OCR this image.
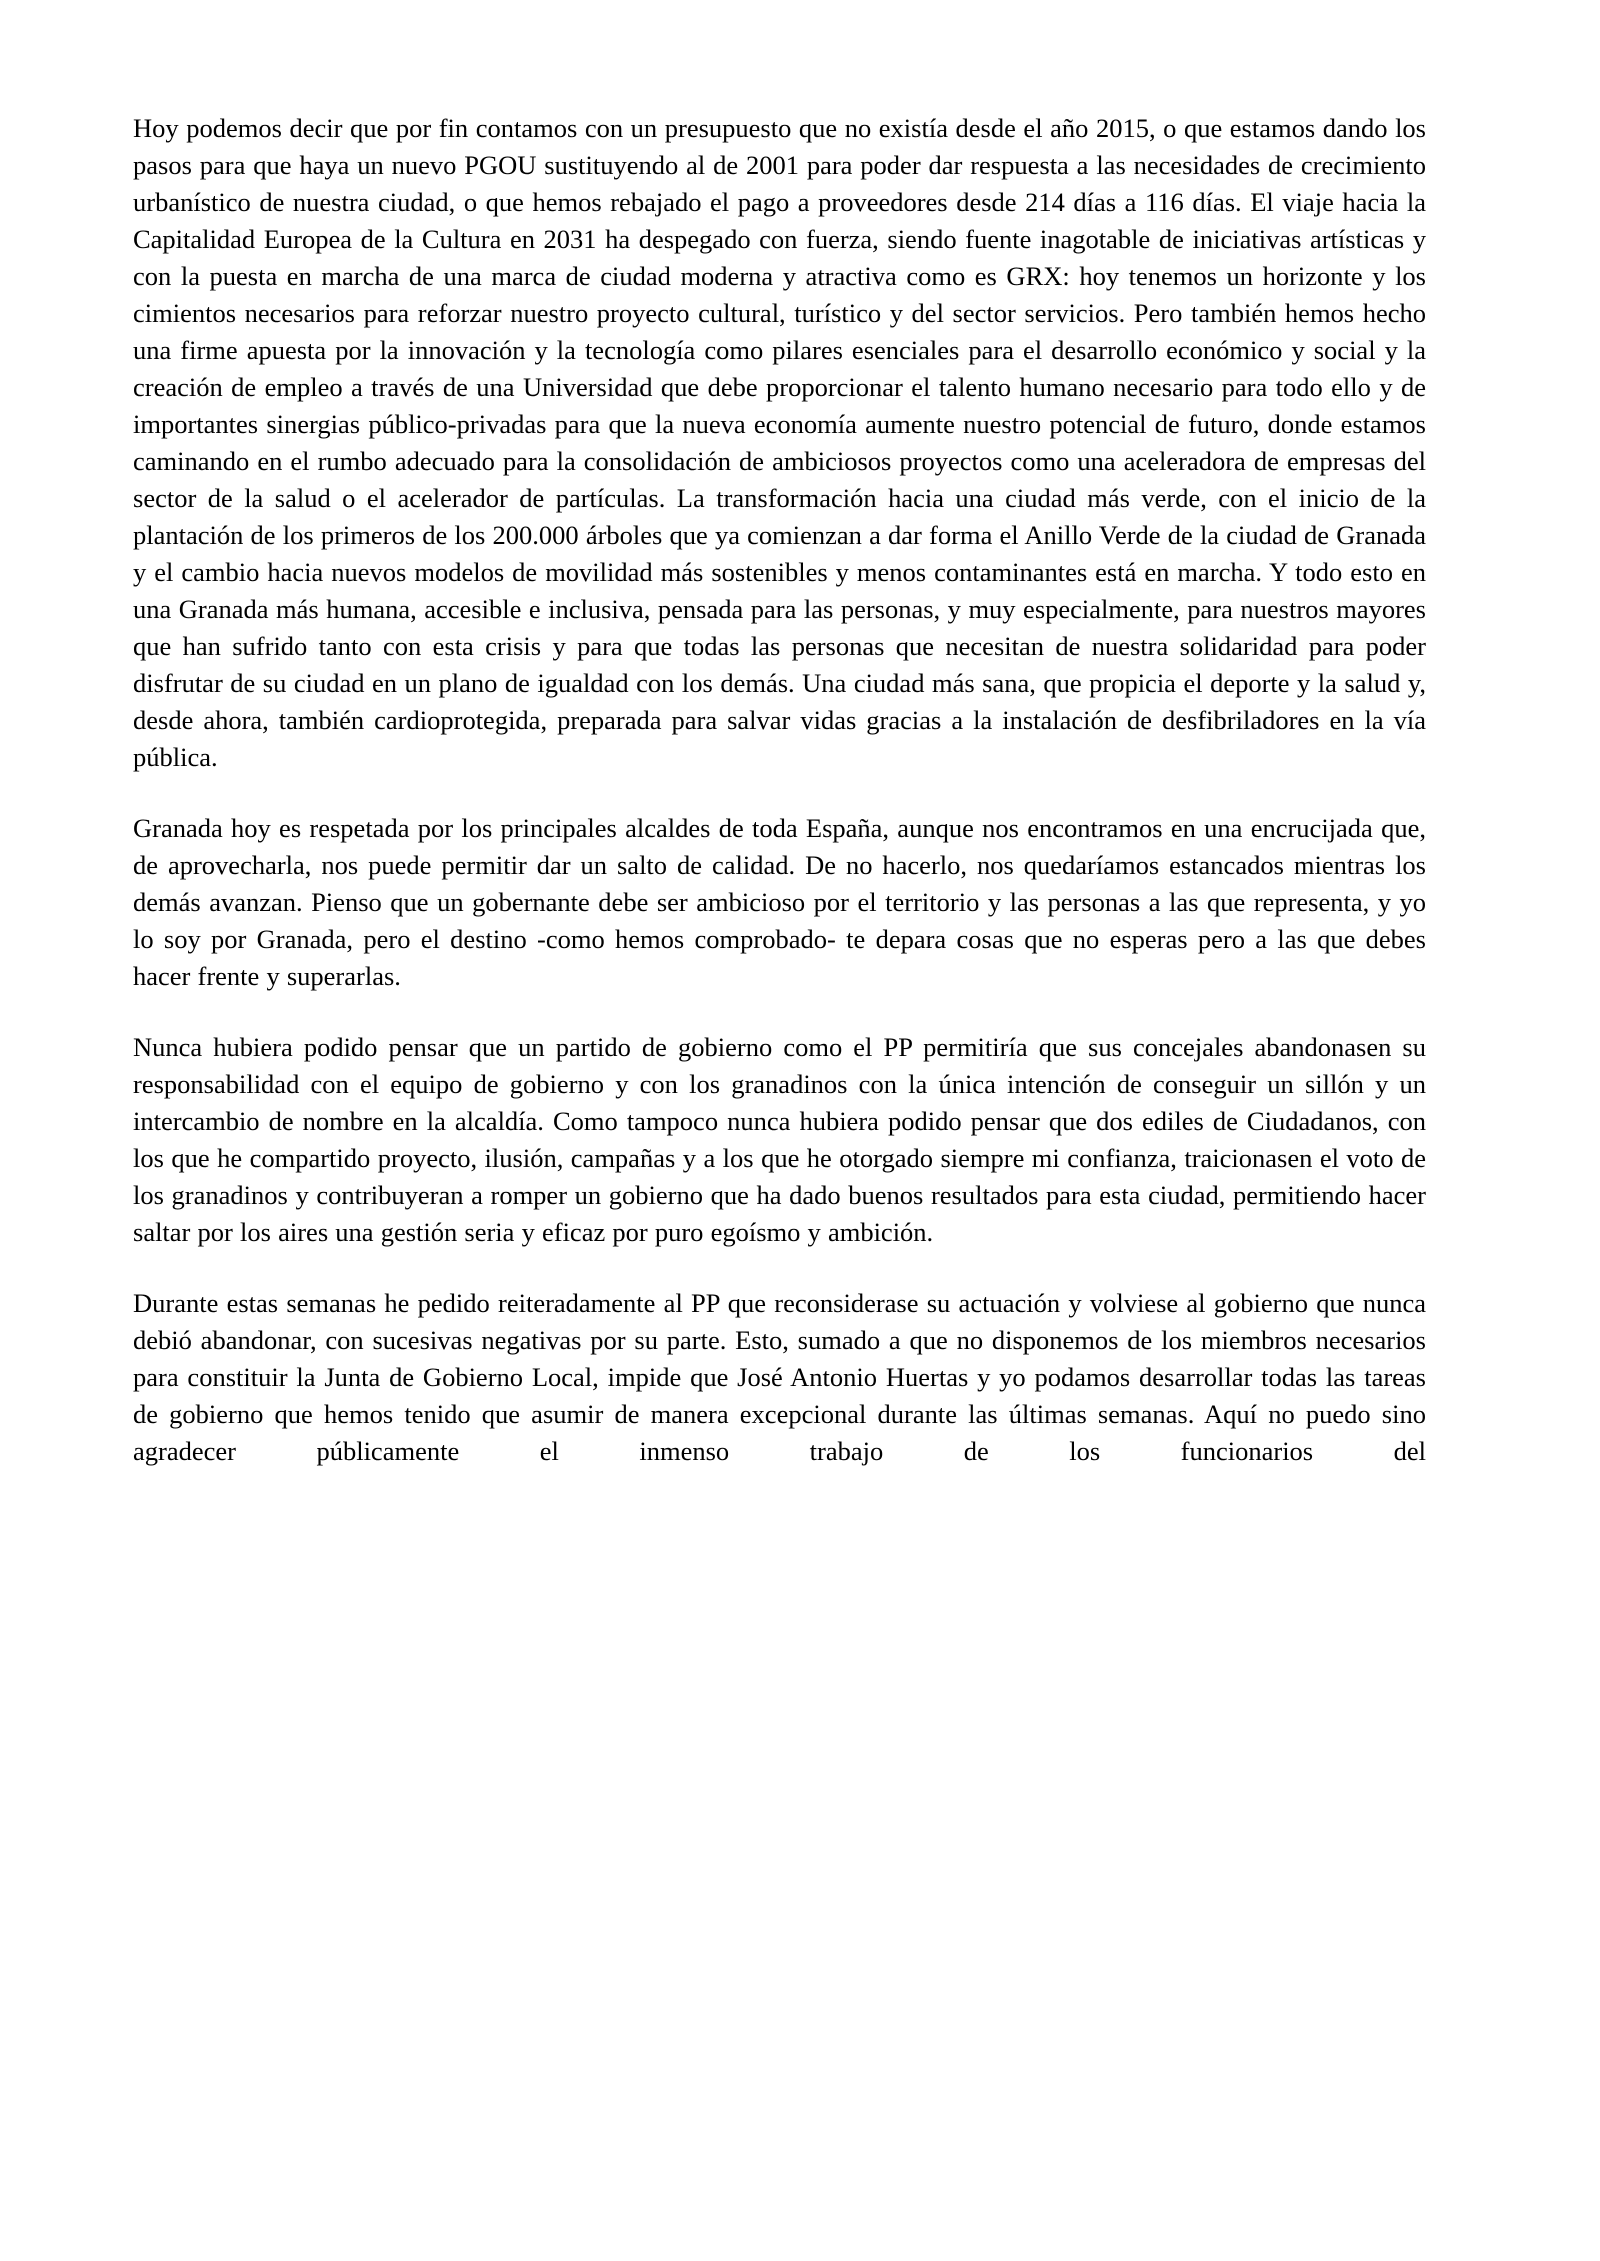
Hoy podemos decir que por fin contamos con un presupuesto que no existía desde el año 2015, o que estamos dando los pasos para que haya un nuevo PGOU sustituyendo al de 2001 para poder dar respuesta a las necesidades de crecimiento urbanístico de nuestra ciudad, o que hemos rebajado el pago a proveedores desde 214 días a 116 días. El viaje hacia la Capitalidad Europea de la Cultura en 2031 ha despegado con fuerza, siendo fuente inagotable de iniciativas artísticas y con la puesta en marcha de una marca de ciudad moderna y atractiva como es GRX: hoy tenemos un horizonte y los cimientos necesarios para reforzar nuestro proyecto cultural, turístico y del sector servicios. Pero también hemos hecho una firme apuesta por la innovación y la tecnología como pilares esenciales para el desarrollo económico y social y la creación de empleo a través de una Universidad que debe proporcionar el talento humano necesario para todo ello y de importantes sinergias público-privadas para que la nueva economía aumente nuestro potencial de futuro, donde estamos caminando en el rumbo adecuado para la consolidación de ambiciosos proyectos como una aceleradora de empresas del sector de la salud o el acelerador de partículas. La transformación hacia una ciudad más verde, con el inicio de la plantación de los primeros de los 200.000 árboles que ya comienzan a dar forma el Anillo Verde de la ciudad de Granada y el cambio hacia nuevos modelos de movilidad más sostenibles y menos contaminantes está en marcha. Y todo esto en una Granada más humana, accesible e inclusiva, pensada para las personas, y muy especialmente, para nuestros mayores que han sufrido tanto con esta crisis y para que todas las personas que necesitan de nuestra solidaridad para poder disfrutar de su ciudad en un plano de igualdad con los demás. Una ciudad más sana, que propicia el deporte y la salud y, desde ahora, también cardioprotegida, preparada para salvar vidas gracias a la instalación de desfibriladores en la vía pública.

Granada hoy es respetada por los principales alcaldes de toda España, aunque nos encontramos en una encrucijada que, de aprovecharla, nos puede permitir dar un salto de calidad. De no hacerlo, nos quedaríamos estancados mientras los demás avanzan. Pienso que un gobernante debe ser ambicioso por el territorio y las personas a las que representa, y yo lo soy por Granada, pero el destino -como hemos comprobado- te depara cosas que no esperas pero a las que debes hacer frente y superarlas.

Nunca hubiera podido pensar que un partido de gobierno como el PP permitiría que sus concejales abandonasen su responsabilidad con el equipo de gobierno y con los granadinos con la única intención de conseguir un sillón y un intercambio de nombre en la alcaldía. Como tampoco nunca hubiera podido pensar que dos ediles de Ciudadanos, con los que he compartido proyecto, ilusión, campañas y a los que he otorgado siempre mi confianza, traicionasen el voto de los granadinos y contribuyeran a romper un gobierno que ha dado buenos resultados para esta ciudad, permitiendo hacer saltar por los aires una gestión seria y eficaz por puro egoísmo y ambición.

Durante estas semanas he pedido reiteradamente al PP que reconsiderase su actuación y volviese al gobierno que nunca debió abandonar, con sucesivas negativas por su parte. Esto, sumado a que no disponemos de los miembros necesarios para constituir la Junta de Gobierno Local, impide que José Antonio Huertas y yo podamos desarrollar todas las tareas de gobierno que hemos tenido que asumir de manera excepcional durante las últimas semanas. Aquí no puedo sino agradecer públicamente el inmenso trabajo de los funcionarios del
